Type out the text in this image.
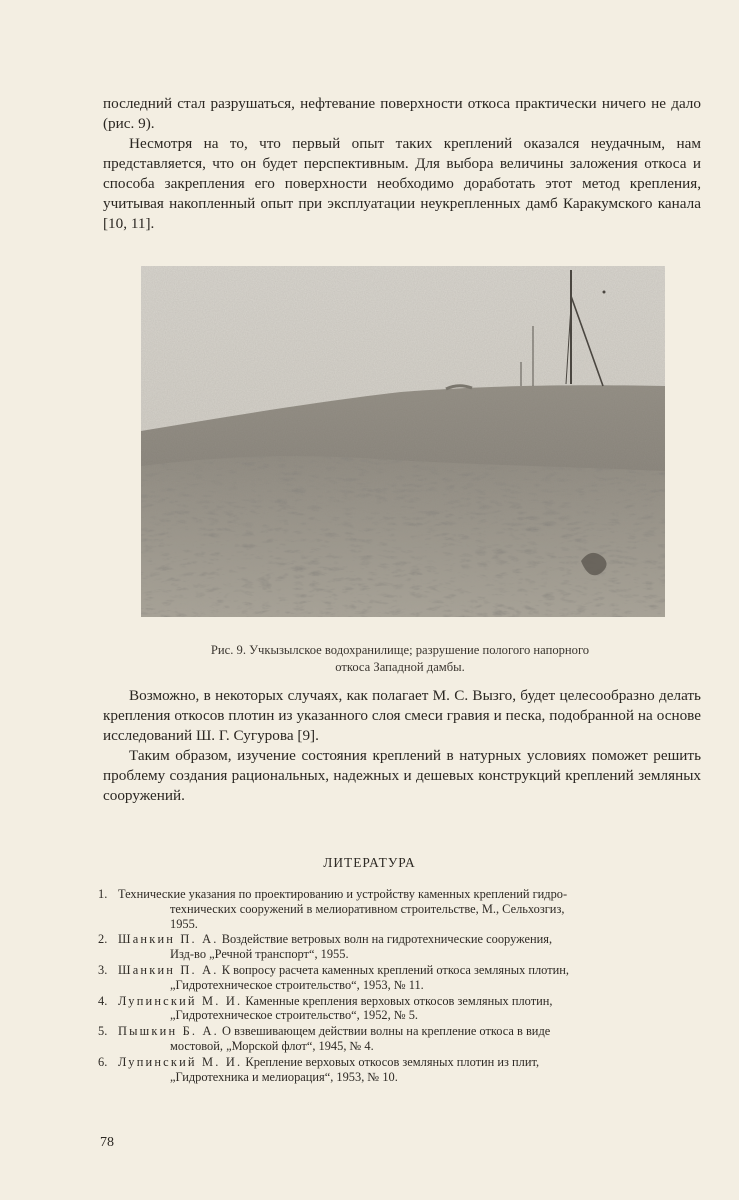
последний стал разрушаться, нефтевание поверхности откоса практически ничего не дало (рис. 9).

Несмотря на то, что первый опыт таких креплений оказался неудачным, нам представляется, что он будет перспективным. Для выбора величины заложения откоса и способа закрепления его поверхности необходимо доработать этот метод крепления, учитывая накопленный опыт при эксплуатации неукрепленных дамб Каракумского канала [10, 11].

Рис. 9. Учкызылское водохранилище; разрушение пологого напорного
откоса Западной дамбы.

Возможно, в некоторых случаях, как полагает М. С. Вызго, будет целесообразно делать крепления откосов плотин из указанного слоя смеси гравия и песка, подобранной на основе исследований Ш. Г. Сугурова [9].

Таким образом, изучение состояния креплений в натурных условиях поможет решить проблему создания рациональных, надежных и дешевых конструкций креплений земляных сооружений.

ЛИТЕРАТУРА
1. Технические указания по проектированию и устройству каменных креплений гидро-
технических сооружений в мелиоративном строительстве, М., Сельхозгиз,
1955.
2. Шанкин П. А. Воздействие ветровых волн на гидротехнические сооружения,
Изд-во „Речной транспорт“, 1955.
3. Шанкин П. А. К вопросу расчета каменных креплений откоса земляных плотин,
„Гидротехническое строительство“, 1953, № 11.
4. Лупинский М. И. Каменные крепления верховых откосов земляных плотин,
„Гидротехническое строительство“, 1952, № 5.
5. Пышкин Б. А. О взвешивающем действии волны на крепление откоса в виде
мостовой, „Морской флот“, 1945, № 4.
6. Лупинский М. И. Крепление верховых откосов земляных плотин из плит,
„Гидротехника и мелиорация“, 1953, № 10.
78
